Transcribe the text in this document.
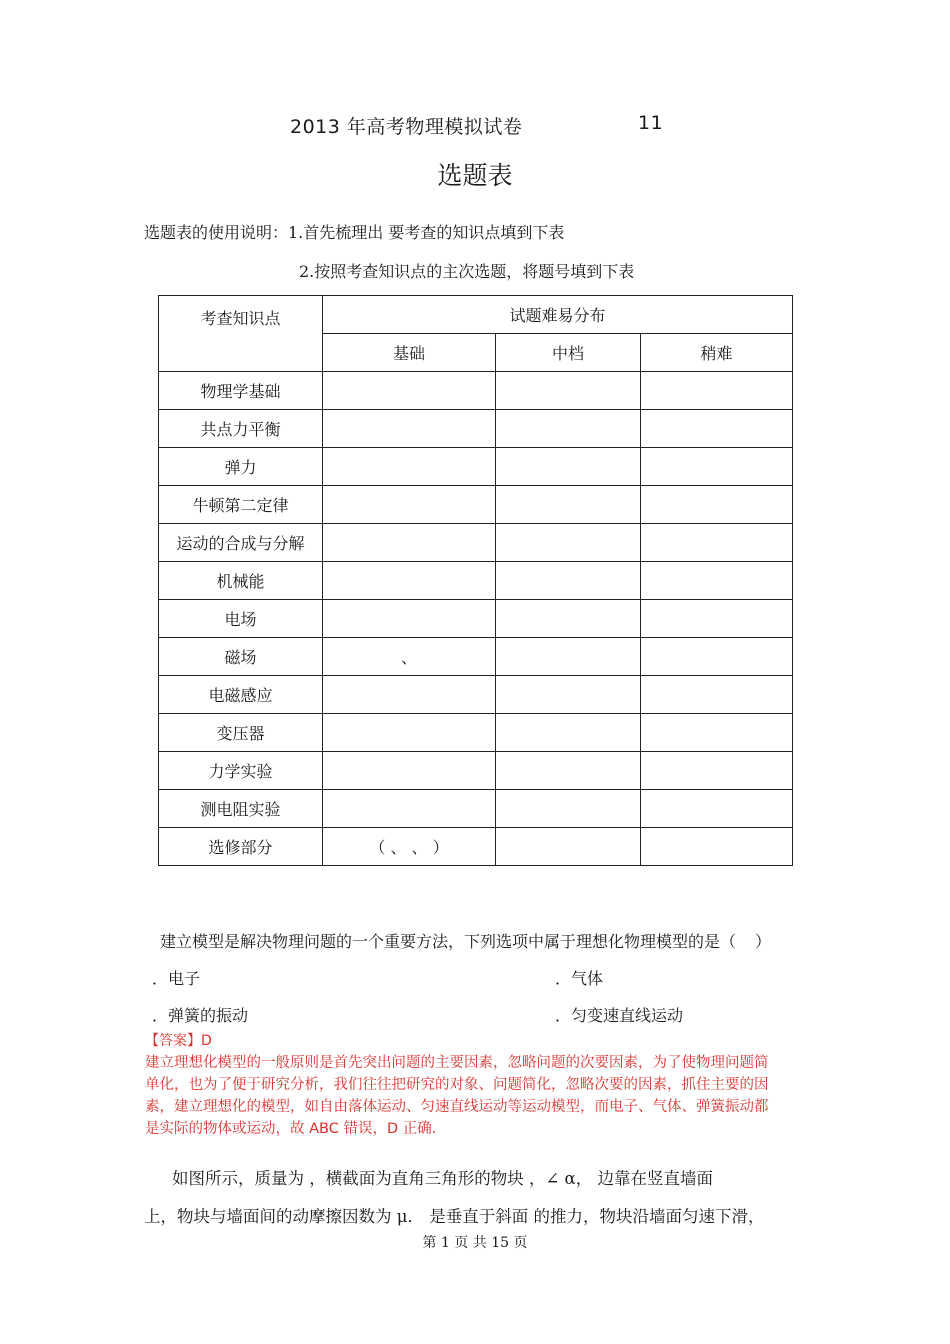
2013 年高考物理模拟试卷	11
选题表
选题表的使用说明：1.首先梳理出 要考查的知识点填到下表
2.按照考查知识点的主次选题，将题号填到下表
考查知识点	试题难易分布		
	基础	中档	稍难
物理学基础			
共点力平衡			
弹力			
牛顿第二定律			
运动的合成与分解			
机械能			
电场			
磁场	、		
电磁感应			
变压器			
力学实验			
测电阻实验			
选修部分	（ 、 、 ）		
建立模型是解决物理问题的一个重要方法，下列选项中属于理想化物理模型的是（ ）
．电子	．气体
．弹簧的振动	．匀变速直线运动
【答案】D
建立理想化模型的一般原则是首先突出问题的主要因素，忽略问题的次要因素，为了使物理问题简
单化，也为了便于研究分析，我们往往把研究的对象、问题简化，忽略次要的因素，抓住主要的因
素，建立理想化的模型，如自由落体运动、匀速直线运动等运动模型，而电子、气体、弹簧振动都
是实际的物体或运动，故 ABC 错误，D 正确.
如图所示，质量为 ，横截面为直角三角形的物块 ，∠ α， 边靠在竖直墙面
上，物块与墙面间的动摩擦因数为 μ． 是垂直于斜面 的推力，物块沿墙面匀速下滑，
第 1 页 共 15 页
